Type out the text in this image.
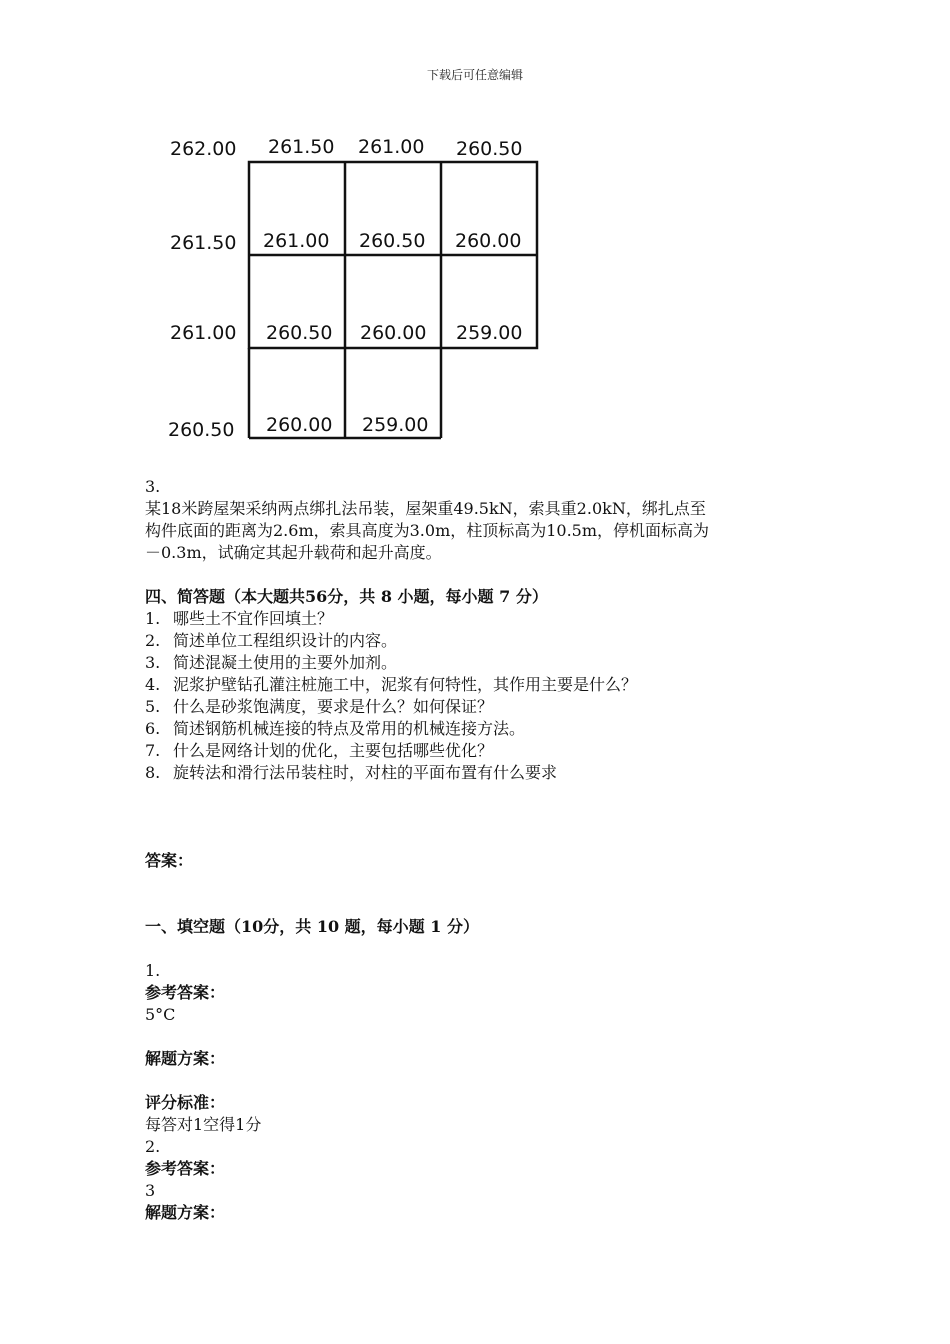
下载后可任意编辑
262.00 261.50 261.00 260.50
261.50 261.00 260.50 260.00
261.00 260.50 260.00 259.00
260.50 260.00 259.00

3.

某18米跨屋架采纳两点绑扎法吊装，屋架重49.5kN，索具重2.0kN，绑扎点至

构件底面的距离为2.6m，索具高度为3.0m，柱顶标高为10.5m，停机面标高为

－0.3m，试确定其起升载荷和起升高度。

四、简答题（本大题共56分，共 8 小题，每小题 7 分）

1. 哪些土不宜作回填土？
2. 简述单位工程组织设计的内容。
3. 简述混凝土使用的主要外加剂。
4. 泥浆护壁钻孔灌注桩施工中，泥浆有何特性，其作用主要是什么？
5. 什么是砂浆饱满度，要求是什么？如何保证？
6. 简述钢筋机械连接的特点及常用的机械连接方法。
7. 什么是网络计划的优化，主要包括哪些优化？
8. 旋转法和滑行法吊装柱时，对柱的平面布置有什么要求

答案：

一、填空题（10分，共 10 题，每小题 1 分）

1.

参考答案：

5°C

解题方案：

评分标准：

每答对1空得1分

2.

参考答案：

3

解题方案：
